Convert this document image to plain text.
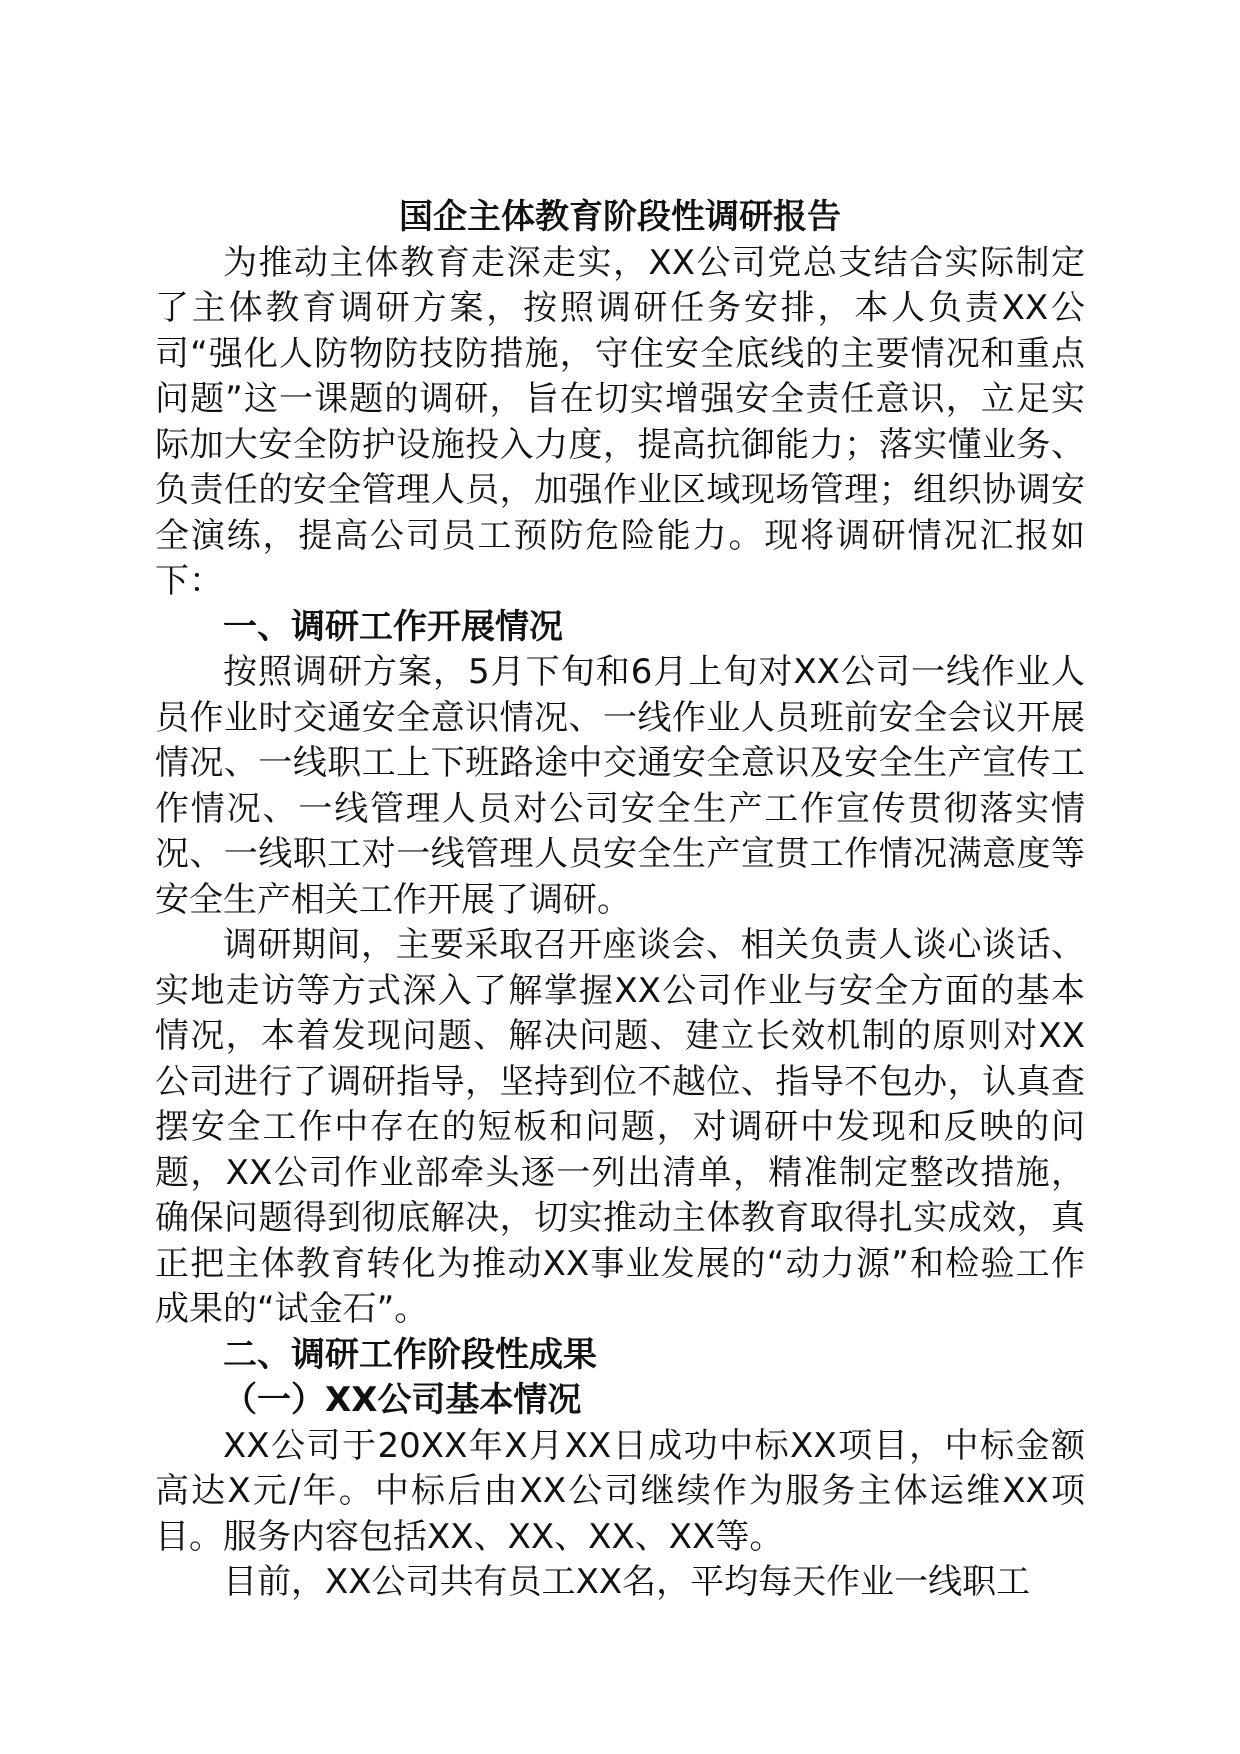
国企主体教育阶段性调研报告

为推动主体教育走深走实，XX公司党总支结合实际制定了主体教育调研方案，按照调研任务安排，本人负责XX公司“强化人防物防技防措施，守住安全底线的主要情况和重点问题”这一课题的调研，旨在切实增强安全责任意识，立足实际加大安全防护设施投入力度，提高抗御能力；落实懂业务、负责任的安全管理人员，加强作业区域现场管理；组织协调安全演练，提高公司员工预防危险能力。现将调研情况汇报如下：

一、调研工作开展情况

按照调研方案，5月下旬和6月上旬对XX公司一线作业人员作业时交通安全意识情况、一线作业人员班前安全会议开展情况、一线职工上下班路途中交通安全意识及安全生产宣传工作情况、一线管理人员对公司安全生产工作宣传贯彻落实情况、一线职工对一线管理人员安全生产宣贯工作情况满意度等安全生产相关工作开展了调研。

调研期间，主要采取召开座谈会、相关负责人谈心谈话、实地走访等方式深入了解掌握XX公司作业与安全方面的基本情况，本着发现问题、解决问题、建立长效机制的原则对XX公司进行了调研指导，坚持到位不越位、指导不包办，认真查摆安全工作中存在的短板和问题，对调研中发现和反映的问题，XX公司作业部牵头逐一列出清单，精准制定整改措施，确保问题得到彻底解决，切实推动主体教育取得扎实成效，真正把主体教育转化为推动XX事业发展的“动力源”和检验工作成果的“试金石”。

二、调研工作阶段性成果

（一）XX公司基本情况

XX公司于20XX年X月XX日成功中标XX项目，中标金额高达X元/年。中标后由XX公司继续作为服务主体运维XX项目。服务内容包括XX、XX、XX、XX等。

目前，XX公司共有员工XX名，平均每天作业一线职工
